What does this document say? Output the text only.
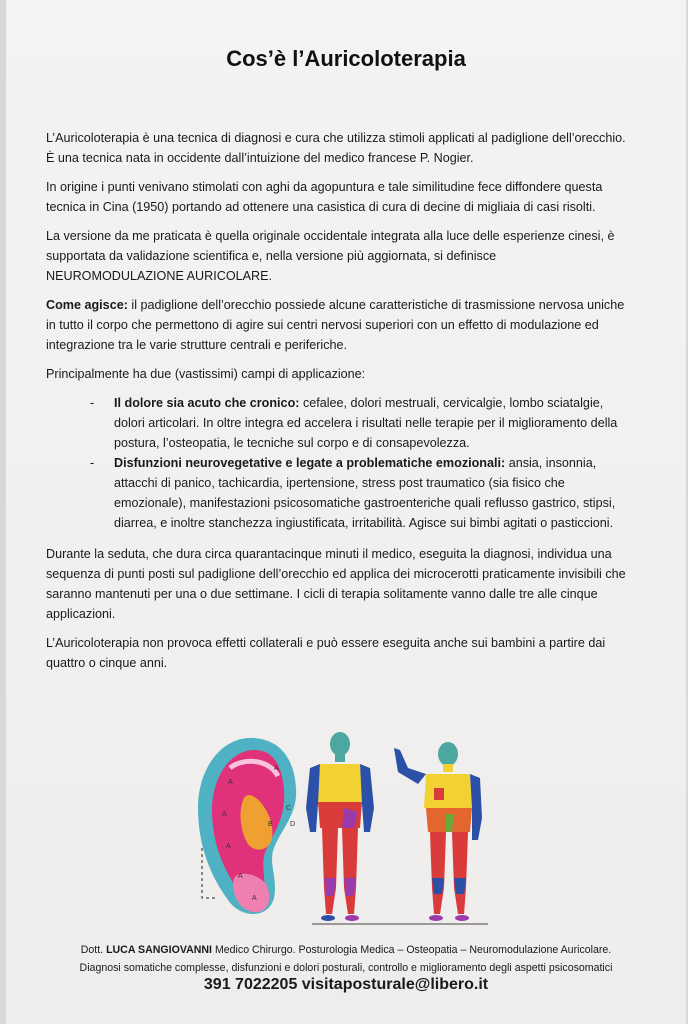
Cos’è l’Auricoloterapia

L’Auricoloterapia è una tecnica di diagnosi e cura che utilizza stimoli applicati al padiglione dell’orecchio. È una tecnica nata in occidente dall’intuizione del medico francese P. Nogier.

In origine i punti venivano stimolati con aghi da agopuntura e tale similitudine fece diffondere questa tecnica in Cina (1950) portando ad ottenere una casistica di cura di decine di migliaia di casi risolti.

La versione da me praticata è quella originale occidentale integrata alla luce delle esperienze cinesi, è supportata da validazione scientifica e, nella versione più aggiornata, si definisce NEUROMODULAZIONE AURICOLARE.

Come agisce: il padiglione dell’orecchio possiede alcune caratteristiche di trasmissione nervosa uniche in tutto il corpo che permettono di agire sui centri nervosi superiori con un effetto di modulazione ed integrazione tra le varie strutture centrali e periferiche.

Principalmente ha due (vastissimi) campi di applicazione:

- Il dolore sia acuto che cronico: cefalee, dolori mestruali, cervicalgie, lombo sciatalgie, dolori articolari. In oltre integra ed accelera i risultati nelle terapie per il miglioramento della postura, l’osteopatia, le tecniche sul corpo e di consapevolezza.
- Disfunzioni neurovegetative e legate a problematiche emozionali: ansia, insonnia, attacchi di panico, tachicardia, ipertensione, stress post traumatico (sia fisico che emozionale), manifestazioni psicosomatiche gastroenteriche quali reflusso gastrico, stipsi, diarrea, e inoltre stanchezza ingiustificata, irritabilità. Agisce sui bimbi agitati o pasticcioni.

Durante la seduta, che dura circa quarantacinque minuti il medico, eseguita la diagnosi, individua una sequenza di punti posti sul padiglione dell’orecchio ed applica dei microcerotti praticamente invisibili che saranno mantenuti per una o due settimane. I cicli di terapia solitamente vanno dalle tre alle cinque applicazioni.

L’Auricoloterapia non provoca effetti collaterali e può essere eseguita anche sui bambini a partire dai quattro o cinque anni.

A
A
A
A
B
C
D
A
A
Dott. LUCA SANGIOVANNI Medico Chirurgo. Posturologia Medica – Osteopatia – Neuromodulazione Auricolare.
Diagnosi somatiche complesse, disfunzioni e dolori posturali, controllo e miglioramento degli aspetti psicosomatici
391 7022205 visitaposturale@libero.it
